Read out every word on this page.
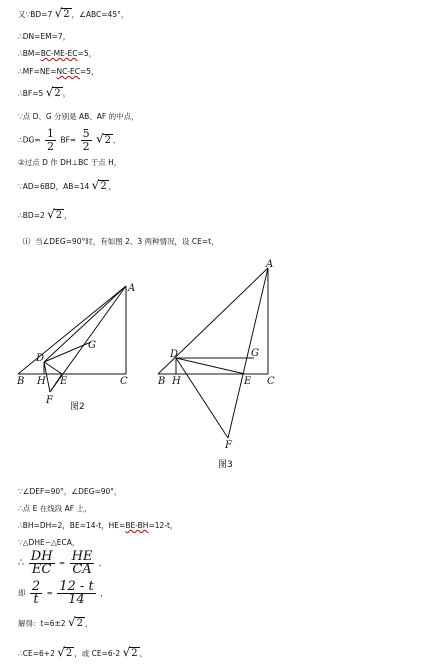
又∵BD=7 √2 ，∠ABC=45°，
∴DN=EM=7，
∴BM=BC-ME-EC=5，
∴MF=NE=NC-EC=5，
∴BF=5 √2 ，
∵点 D、G 分别是 AB、AF 的中点，
∴DG= $\frac{1}{2} BF= \frac{5}{2} √2$ ，
②过点 D 作 DH⊥BC 于点 H，
∵AD=6BD，AB=14 √2 ，
∴BD=2 √2 ，
（ⅰ）当∠DEG=90°时，有如图 2、3 两种情况，设 CE=t，
A
B	C
D
E
F
G
H
图2
A
B	C
D
E
F
G
H
图3
∵∠DEF=90°，∠DEG=90°，
∴点 E 在线段 AF 上，
∴BH=DH=2，BE=14-t，HE=BE-BH=12-t，
∵△DHE∽△ECA，
∴ $\frac{DH}{EC} = \frac{HE}{CA}$ ，
即 $\frac{2}{t} = \frac{12 - t}{14}$ ，
解得：t=6±2 √2 ，
∴CE=6+2 √2 ，或 CE=6-2 √2 ，
